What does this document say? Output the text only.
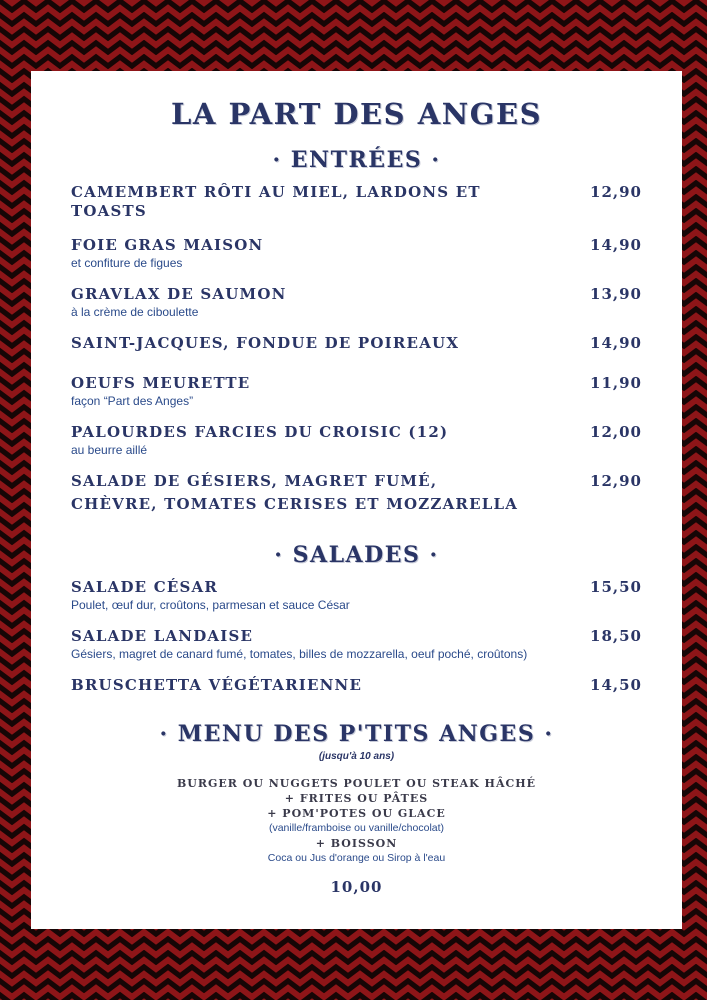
LA PART DES ANGES
· ENTRÉES ·
CAMEMBERT RÔTI AU MIEL, LARDONS ET TOASTS
12,90
FOIE GRAS MAISON	14,90
et confiture de figues
GRAVLAX DE SAUMON	13,90
à la crème de ciboulette
SAINT-JACQUES, FONDUE DE POIREAUX	14,90
OEUFS MEURETTE	11,90
façon “Part des Anges”
PALOURDES FARCIES DU CROISIC (12)	12,00
au beurre aillé
SALADE DE GÉSIERS, MAGRET FUMÉ,	12,90
CHÈVRE, TOMATES CERISES ET MOZZARELLA
· SALADES ·
SALADE CÉSAR	15,50
Poulet, œuf dur, croûtons, parmesan et sauce César
SALADE LANDAISE	18,50
Gésiers, magret de canard fumé, tomates, billes de mozzarella, oeuf poché, croûtons)
BRUSCHETTA VÉGÉTARIENNE	14,50
· MENU DES P'TITS ANGES ·
(jusqu'à 10 ans)
BURGER OU NUGGETS POULET OU STEAK HÂCHÉ
+ FRITES OU PÂTES
+ POM'POTES OU GLACE
(vanille/framboise ou vanille/chocolat)
+ BOISSON
Coca ou Jus d'orange ou Sirop à l'eau
10,00
